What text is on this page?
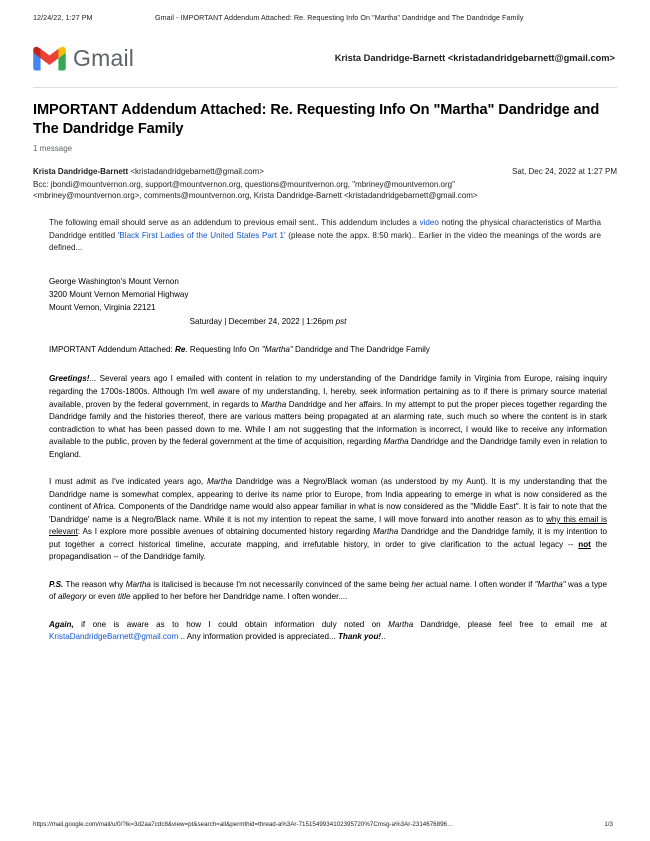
12/24/22, 1:27 PM	Gmail - IMPORTANT Addendum Attached: Re. Requesting Info On "Martha" Dandridge and The Dandridge Family
Gmail	Krista Dandridge-Barnett <kristadandridgebarnett@gmail.com>
IMPORTANT Addendum Attached: Re. Requesting Info On "Martha" Dandridge and The Dandridge Family
1 message
Krista Dandridge-Barnett <kristadandridgebarnett@gmail.com>	Sat, Dec 24, 2022 at 1:27 PM
Bcc: jbondi@mountvernon.org, support@mountvernon.org, questions@mountvernon.org, "mbriney@mountvernon.org"
<mbriney@mountvernon.org>, comments@mountvernon.org, Krista Dandridge-Barnett <kristadandridgebarnett@gmail.com>
The following email should serve as an addendum to previous email sent.. This addendum includes a video noting the physical characteristics of Martha Dandridge entitled 'Black First Ladies of the United States Part 1' (please note the appx. 8:50 mark).. Earlier in the video the meanings of the words are defined...
George Washington's Mount Vernon
3200 Mount Vernon Memorial Highway
Mount Vernon, Virginia 22121
Saturday | December 24, 2022 | 1:26pm pst
IMPORTANT Addendum Attached: Re. Requesting Info On "Martha" Dandridge and The Dandridge Family

Greetings!... Several years ago I emailed with content in relation to my understanding of the Dandridge family in Virginia from Europe, raising inquiry regarding the 1700s-1800s. Although I'm well aware of my understanding, I, hereby, seek information pertaining as to if there is primary source material available, proven by the federal government, in regards to Martha Dandridge and her affairs. In my attempt to put the proper pieces together regarding the Dandridge family and the histories thereof, there are various matters being propagated at an alarming rate, such much so where the content is in stark contradiction to what has been passed down to me. While I am not suggesting that the information is incorrect, I would like to receive any information available to the public, proven by the federal government at the time of acquisition, regarding Martha Dandridge and the Dandridge family even in relation to England.

I must admit as I've indicated years ago, Martha Dandridge was a Negro/Black woman (as understood by my Aunt). It is my understanding that the Dandridge name is somewhat complex, appearing to derive its name prior to Europe, from India appearing to emerge in what is now considered as the continent of Africa. Components of the Dandridge name would also appear familiar in what is now considered as the "Middle East". It is fair to note that the 'Dandridge' name is a Negro/Black name. While it is not my intention to repeat the same, I will move forward into another reason as to why this email is relevant: As I explore more possible avenues of obtaining documented history regarding Martha Dandridge and the Dandridge family, it is my intention to put together a correct historical timeline, accurate mapping, and irrefutable history, in order to give clarification to the actual legacy -- not the propagandisation -- of the Dandridge family.

P.S. The reason why Martha is italicised is because I'm not necessarily convinced of the same being her actual name. I often wonder if "Martha" was a type of allegory or even title applied to her before her Dandridge name. I often wonder....

Again, if one is aware as to how I could obtain information duly noted on Martha Dandridge, please feel free to email me at KristaDandridgeBarnett@gmail.com .. Any information provided is appreciated... Thank you!..

https://mail.google.com/mail/u/0/?ik=3d2aa7cdc8&view=pt&search=all&permthid=thread-a%3Ar-7151549934102395720%7Cmsg-a%3Ar-2314676896…	1/3
